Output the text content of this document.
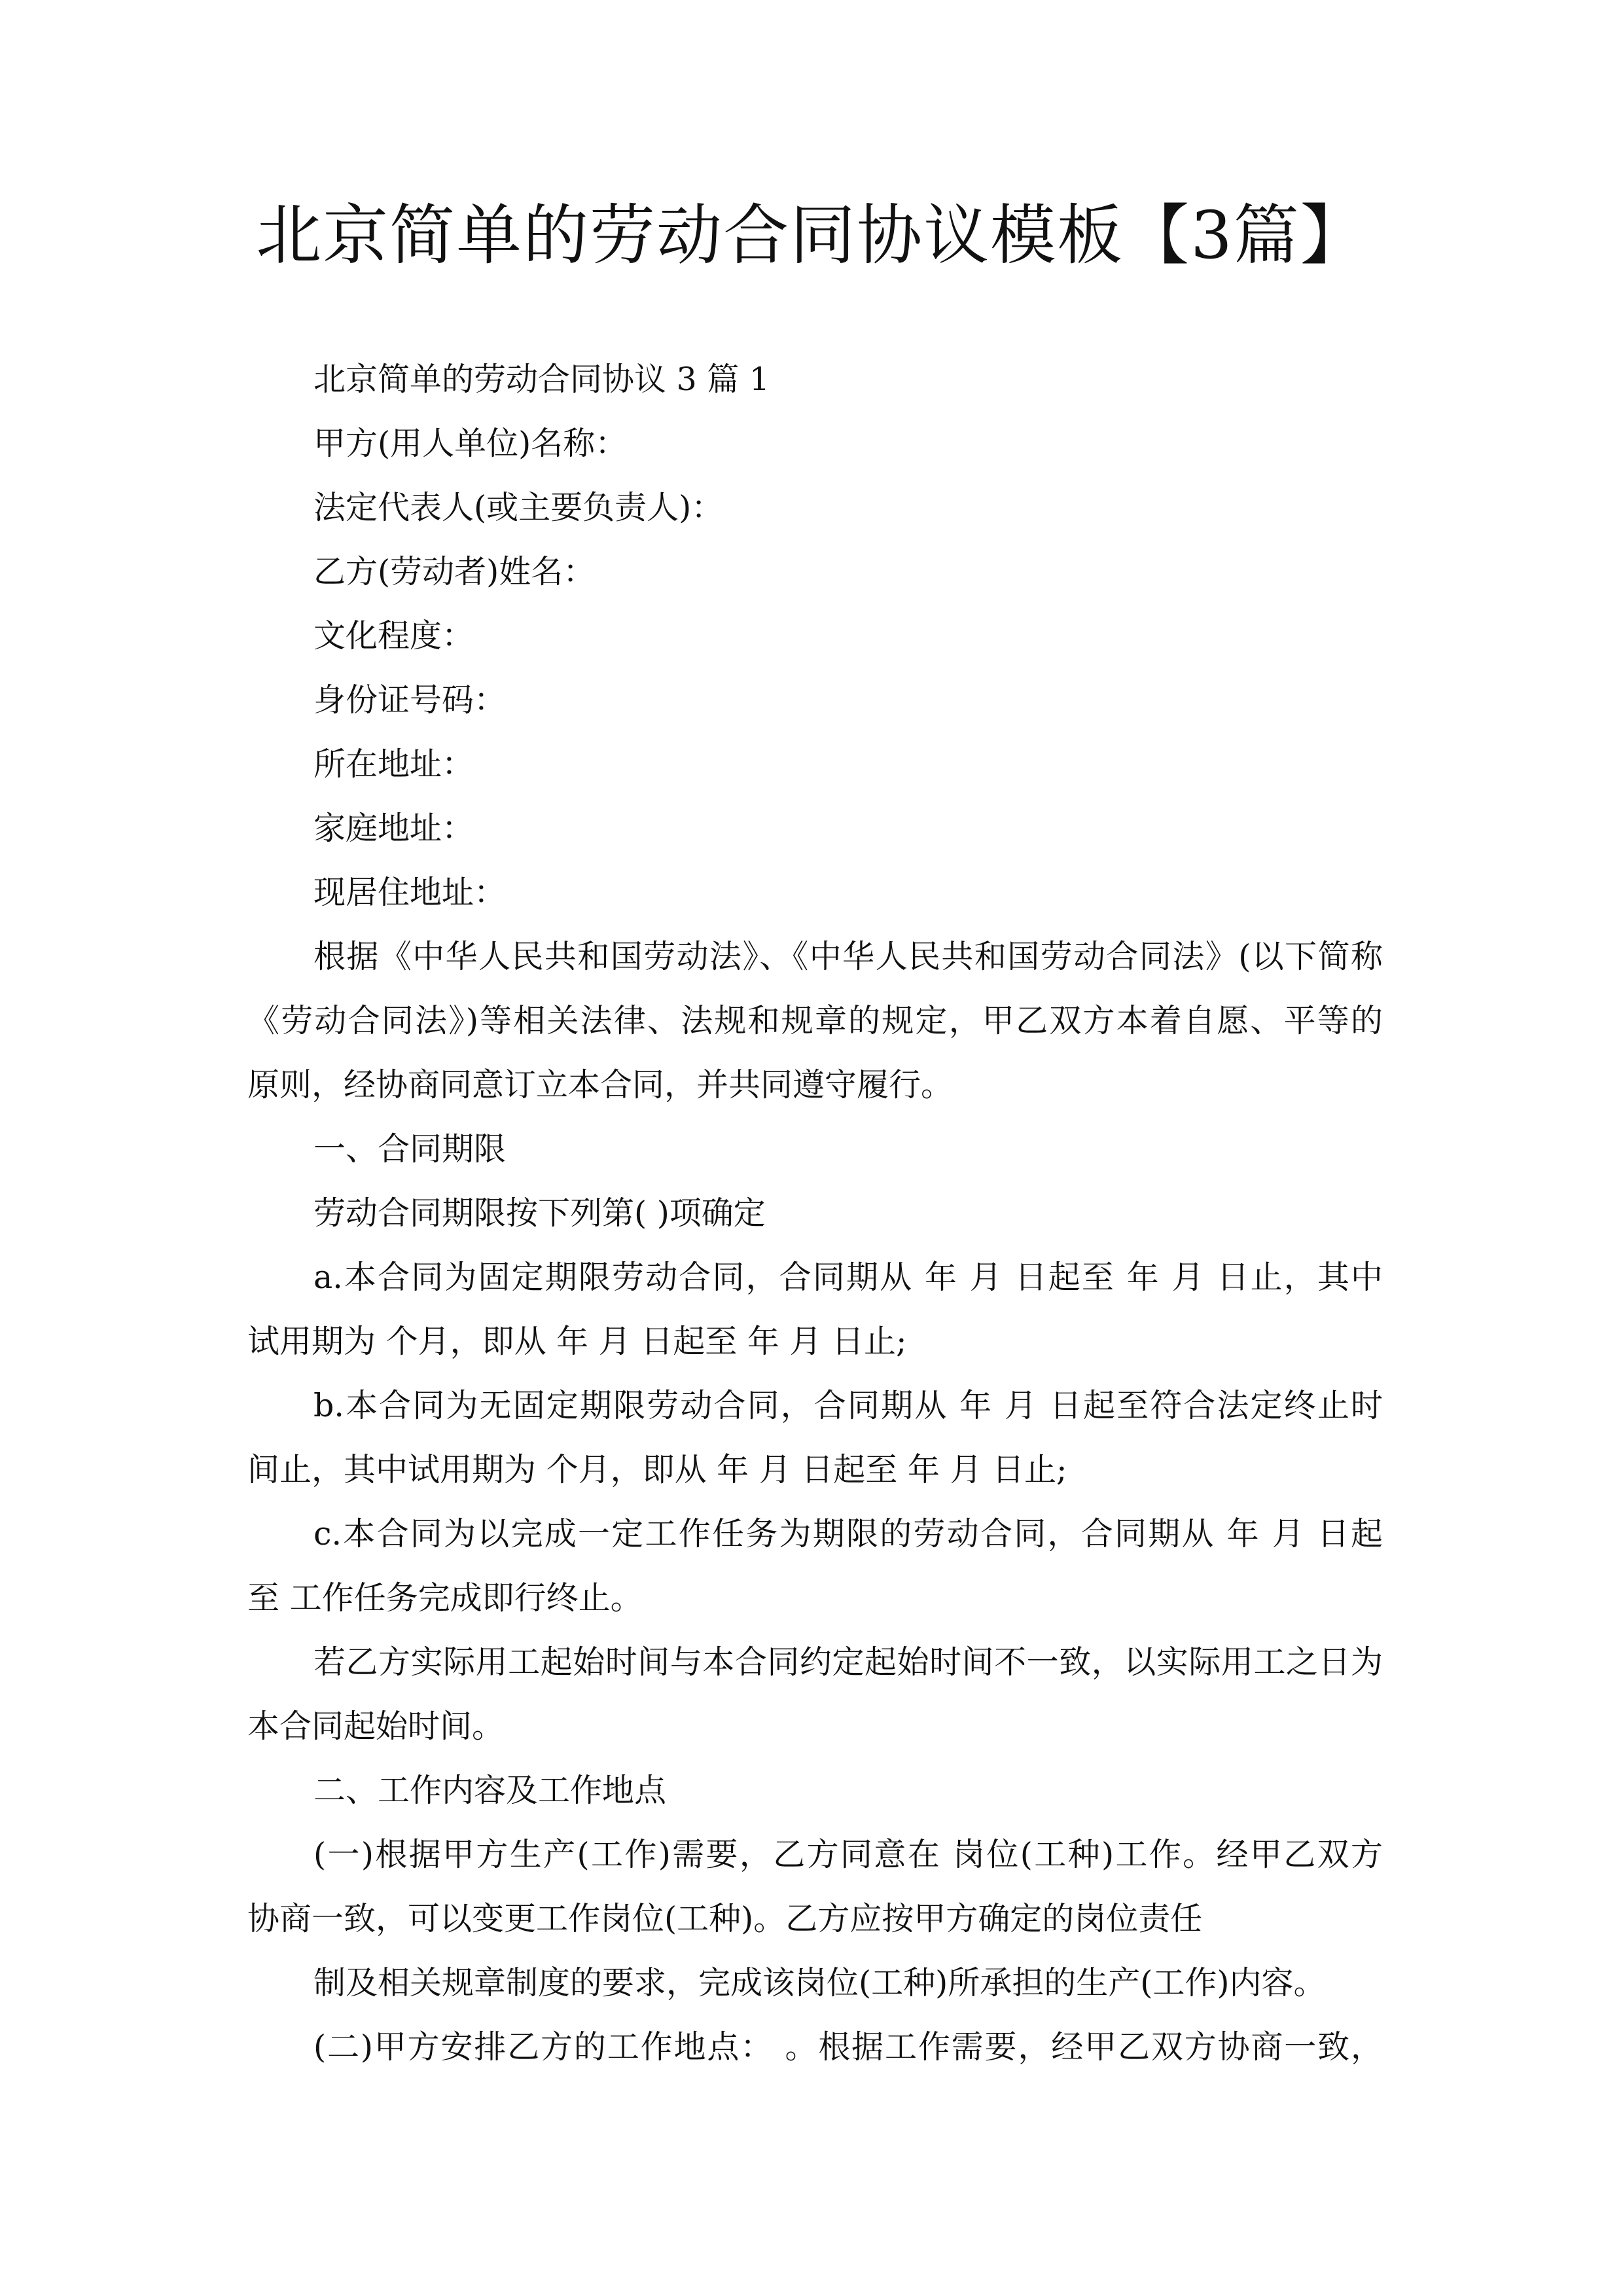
北京简单的劳动合同协议模板【3篇】
北京简单的劳动合同协议 3 篇 1
甲方(用人单位)名称：
法定代表人(或主要负责人)：
乙方(劳动者)姓名：
文化程度：
身份证号码：
所在地址：
家庭地址：
现居住地址：
根据《中华人民共和国劳动法》、《中华人民共和国劳动合同法》(以下简称
《劳动合同法》)等相关法律、法规和规章的规定，甲乙双方本着自愿、平等的
原则，经协商同意订立本合同，并共同遵守履行。
一、合同期限
劳动合同期限按下列第( )项确定
a.本合同为固定期限劳动合同，合同期从 年 月 日起至 年 月 日止，其中
试用期为 个月，即从 年 月 日起至 年 月 日止;
b.本合同为无固定期限劳动合同，合同期从 年 月 日起至符合法定终止时
间止，其中试用期为 个月，即从 年 月 日起至 年 月 日止;
c.本合同为以完成一定工作任务为期限的劳动合同，合同期从 年 月 日起
至 工作任务完成即行终止。
若乙方实际用工起始时间与本合同约定起始时间不一致，以实际用工之日为
本合同起始时间。
二、工作内容及工作地点
(一)根据甲方生产(工作)需要，乙方同意在 岗位(工种)工作。经甲乙双方
协商一致，可以变更工作岗位(工种)。乙方应按甲方确定的岗位责任
制及相关规章制度的要求，完成该岗位(工种)所承担的生产(工作)内容。
(二)甲方安排乙方的工作地点： 。根据工作需要，经甲乙双方协商一致，
